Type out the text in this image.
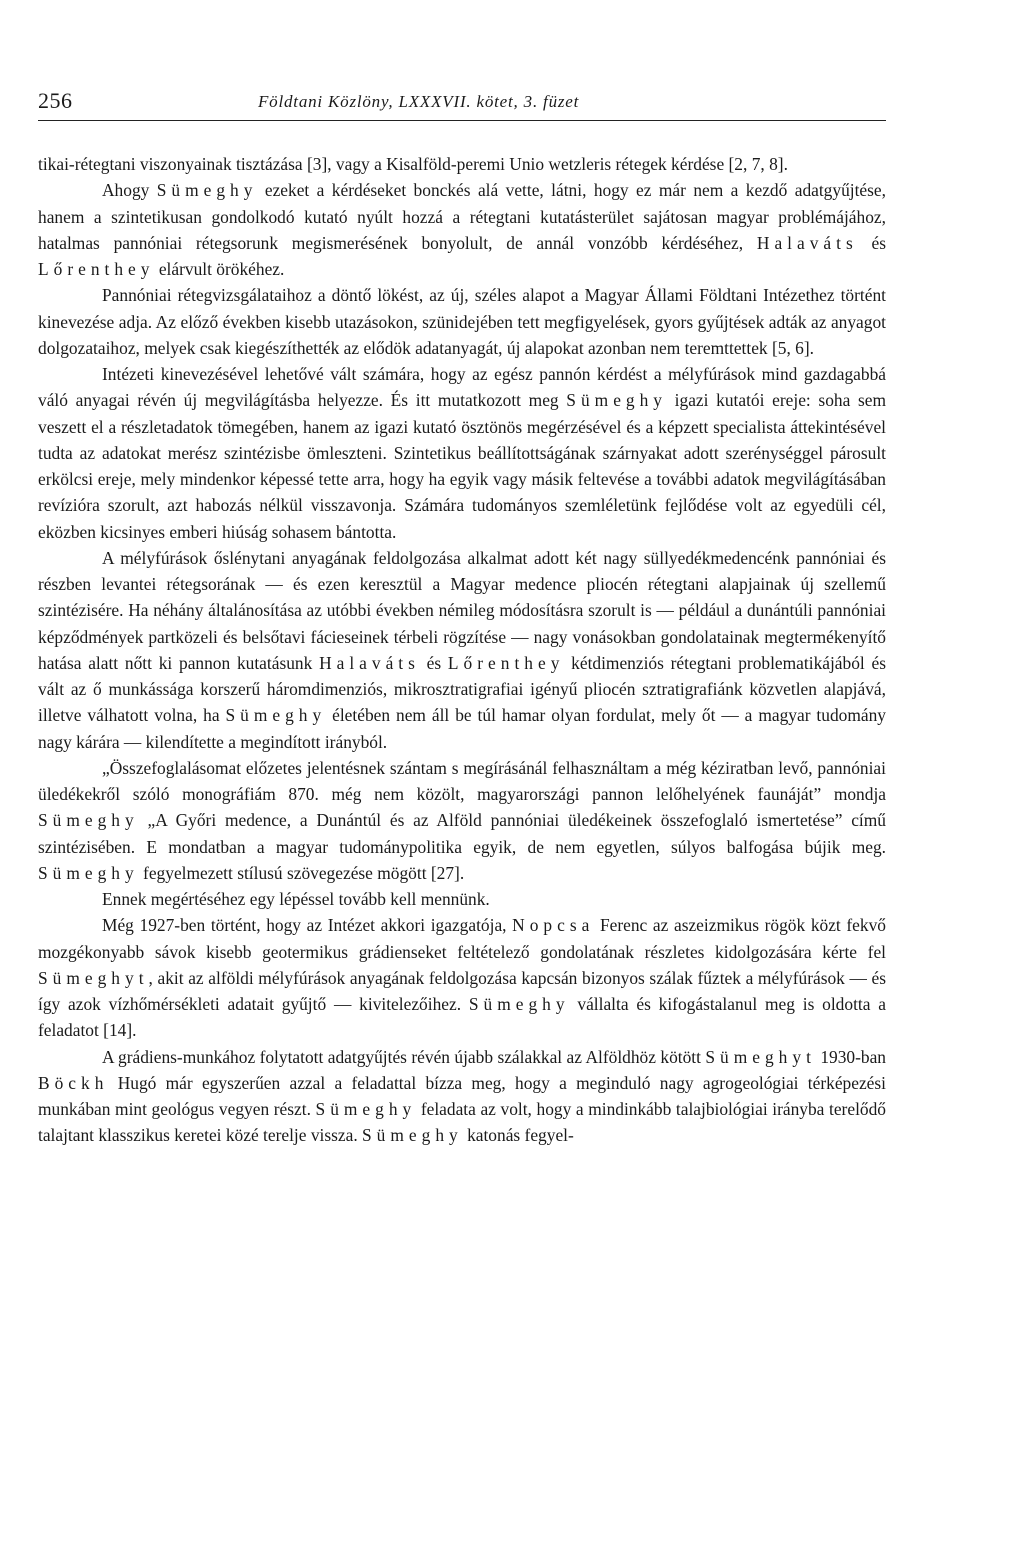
256	Földtani Közlöny, LXXXVII. kötet, 3. füzet

tikai-rétegtani viszonyainak tisztázása [3], vagy a Kisalföld-peremi Unio wetzleris rétegek kérdése [2, 7, 8].

Ahogy Sümeghy ezeket a kérdéseket bonckés alá vette, látni, hogy ez már nem a kezdő adatgyűjtése, hanem a szintetikusan gondolkodó kutató nyúlt hozzá a rétegtani kutatásterület sajátosan magyar problémájához, hatalmas pannóniai rétegsorunk megismerésének bonyolult, de annál vonzóbb kérdéséhez, Halaváts és Lőrenthey elárvult örökéhez.

Pannóniai rétegvizsgálataihoz a döntő lökést, az új, széles alapot a Magyar Állami Földtani Intézethez történt kinevezése adja. Az előző években kisebb utazásokon, szünidejében tett megfigyelések, gyors gyűjtések adták az anyagot dolgozataihoz, melyek csak kiegészíthették az elődök adatanyagát, új alapokat azonban nem teremttettek [5, 6].

Intézeti kinevezésével lehetővé vált számára, hogy az egész pannón kérdést a mélyfúrások mind gazdagabbá váló anyagai révén új megvilágításba helyezze. És itt mutatkozott meg Sümeghy igazi kutatói ereje: soha sem veszett el a részletadatok tömegében, hanem az igazi kutató ösztönös megérzésével és a képzett specialista áttekintésével tudta az adatokat merész szintézisbe ömleszteni. Szintetikus beállítottságának szárnyakat adott szerénységgel párosult erkölcsi ereje, mely mindenkor képessé tette arra, hogy ha egyik vagy másik feltevése a további adatok megvilágításában revízióra szorult, azt habozás nélkül visszavonja. Számára tudományos szemléletünk fejlődése volt az egyedüli cél, eközben kicsinyes emberi hiúság sohasem bántotta.

A mélyfúrások őslénytani anyagának feldolgozása alkalmat adott két nagy süllyedékmedencénk pannóniai és részben levantei rétegsorának — és ezen keresztül a Magyar medence pliocén rétegtani alapjainak új szellemű szintézisére. Ha néhány általánosítása az utóbbi években némileg módosításra szorult is — például a dunántúli pannóniai képződmények partközeli és belsőtavi fácieseinek térbeli rögzítése — nagy vonásokban gondolatainak megtermékenyítő hatása alatt nőtt ki pannon kutatásunk Halaváts és Lőrenthey kétdimenziós rétegtani problematikájából és vált az ő munkássága korszerű háromdimenziós, mikrosztratigrafiai igényű pliocén sztratigrafiánk közvetlen alapjává, illetve válhatott volna, ha Sümeghy életében nem áll be túl hamar olyan fordulat, mely őt — a magyar tudomány nagy kárára — kilendítette a megindított irányból.

„Összefoglalásomat előzetes jelentésnek szántam s megírásánál felhasználtam a még kéziratban levő, pannóniai üledékekről szóló monográfiám 870. még nem közölt, magyarországi pannon lelőhelyének faunáját” mondja Sümeghy „A Győri medence, a Dunántúl és az Alföld pannóniai üledékeinek összefoglaló ismertetése” című szintézisében. E mondatban a magyar tudománypolitika egyik, de nem egyetlen, súlyos balfogása bújik meg. Sümeghy fegyelmezett stílusú szövegezése mögött [27].

Ennek megértéséhez egy lépéssel tovább kell mennünk.

Még 1927-ben történt, hogy az Intézet akkori igazgatója, Nopcsa Ferenc az aszeizmikus rögök közt fekvő mozgékonyabb sávok kisebb geotermikus grádienseket feltételező gondolatának részletes kidolgozására kérte fel Sümeghyt, akit az alföldi mélyfúrások anyagának feldolgozása kapcsán bizonyos szálak fűztek a mélyfúrások — és így azok vízhőmérsékleti adatait gyűjtő — kivitelezőihez. Sümeghy vállalta és kifogástalanul meg is oldotta a feladatot [14].

A grádiens-munkához folytatott adatgyűjtés révén újabb szálakkal az Alföldhöz kötött Sümeghyt 1930-ban Böckh Hugó már egyszerűen azzal a feladattal bízza meg, hogy a meginduló nagy agrogeológiai térképezési munkában mint geológus vegyen részt. Sümeghy feladata az volt, hogy a mindinkább talajbiológiai irányba terelődő talajtant klasszikus keretei közé terelje vissza. Sümeghy katonás fegyel-
